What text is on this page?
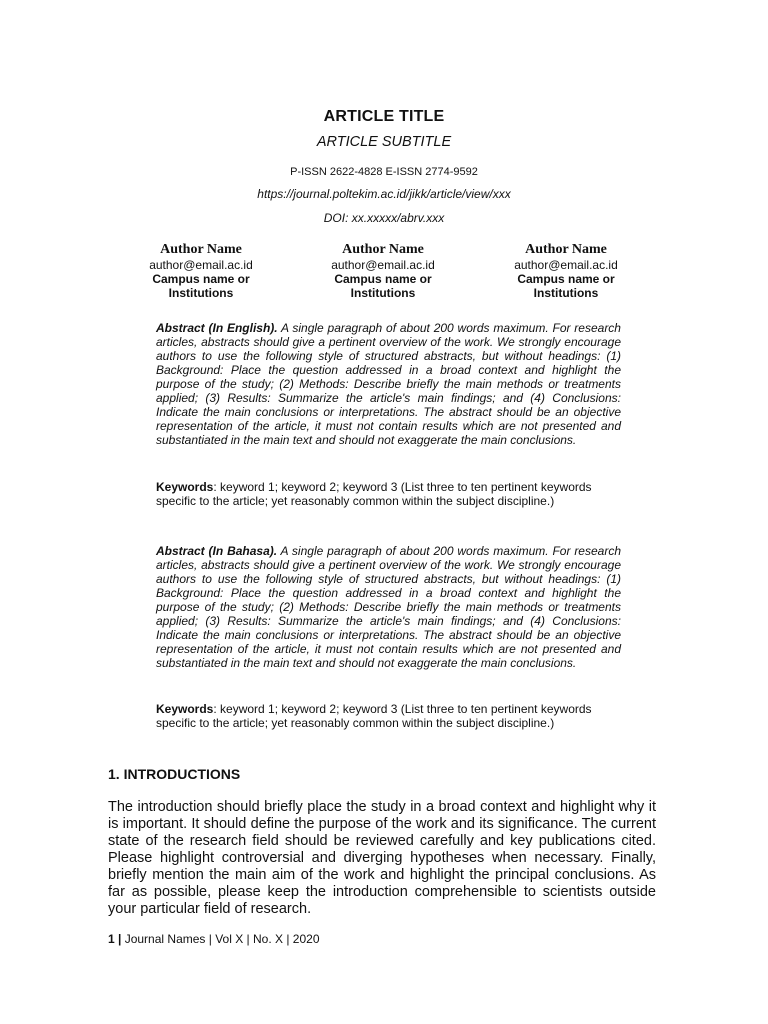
ARTICLE TITLE
ARTICLE SUBTITLE
P-ISSN 2622-4828 E-ISSN 2774-9592
https://journal.poltekim.ac.id/jikk/article/view/xxx
DOI: xx.xxxxx/abrv.xxx
Author Name
author@email.ac.id
Campus name or
Institutions
Author Name
author@email.ac.id
Campus name or
Institutions
Author Name
author@email.ac.id
Campus name or
Institutions
Abstract (In English). A single paragraph of about 200 words maximum. For research articles, abstracts should give a pertinent overview of the work. We strongly encourage authors to use the following style of structured abstracts, but without headings: (1) Background: Place the question addressed in a broad context and highlight the purpose of the study; (2) Methods: Describe briefly the main methods or treatments applied; (3) Results: Summarize the article's main findings; and (4) Conclusions: Indicate the main conclusions or interpretations. The abstract should be an objective representation of the article, it must not contain results which are not presented and substantiated in the main text and should not exaggerate the main conclusions.
Keywords: keyword 1; keyword 2; keyword 3 (List three to ten pertinent keywords specific to the article; yet reasonably common within the subject discipline.)
Abstract (In Bahasa). A single paragraph of about 200 words maximum. For research articles, abstracts should give a pertinent overview of the work. We strongly encourage authors to use the following style of structured abstracts, but without headings: (1) Background: Place the question addressed in a broad context and highlight the purpose of the study; (2) Methods: Describe briefly the main methods or treatments applied; (3) Results: Summarize the article's main findings; and (4) Conclusions: Indicate the main conclusions or interpretations. The abstract should be an objective representation of the article, it must not contain results which are not presented and substantiated in the main text and should not exaggerate the main conclusions.
Keywords: keyword 1; keyword 2; keyword 3 (List three to ten pertinent keywords specific to the article; yet reasonably common within the subject discipline.)
1. INTRODUCTIONS
The introduction should briefly place the study in a broad context and highlight why it is important. It should define the purpose of the work and its significance. The current state of the research field should be reviewed carefully and key publications cited. Please highlight controversial and diverging hypotheses when necessary. Finally, briefly mention the main aim of the work and highlight the principal conclusions. As far as possible, please keep the introduction comprehensible to scientists outside your particular field of research.
1 | Journal Names | Vol X | No. X | 2020
